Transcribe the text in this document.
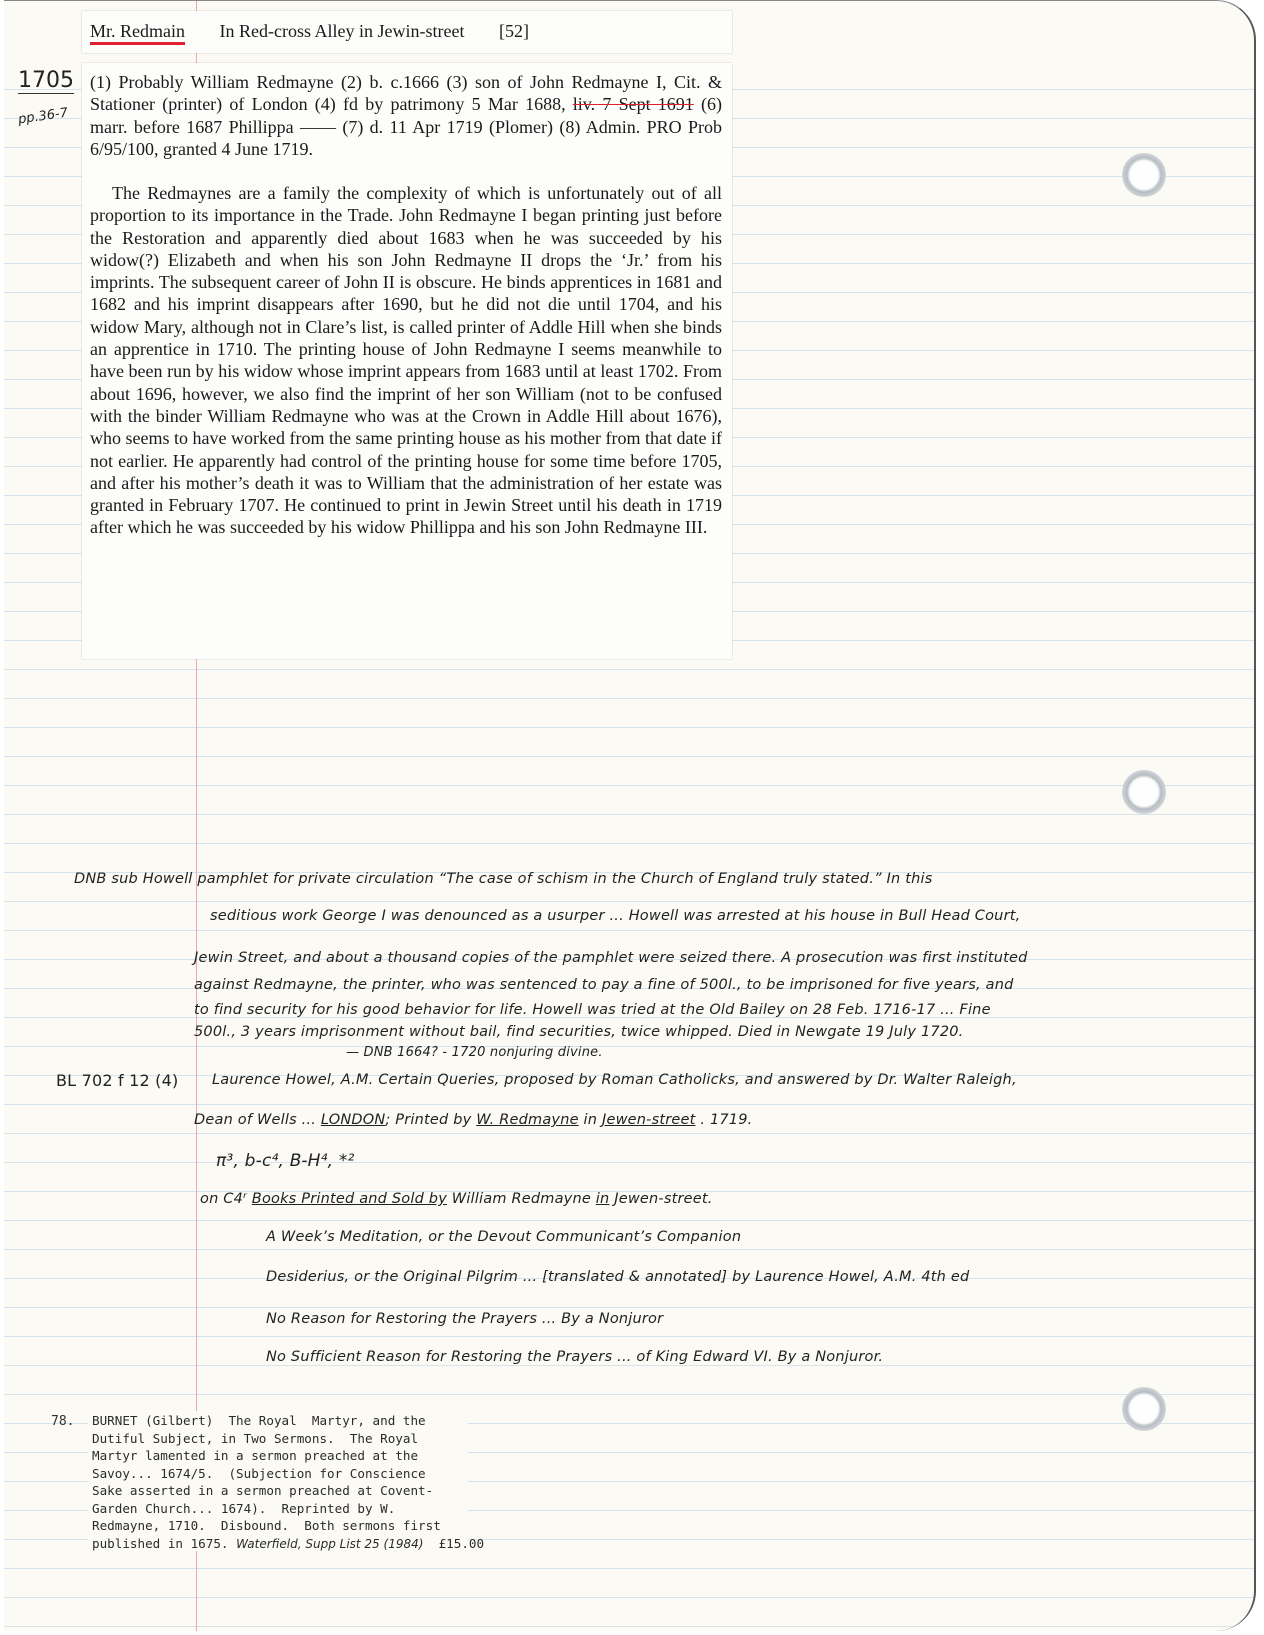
Mr. Redmain In Red-cross Alley in Jewin-street [52]
1705
pp.36-7
(1) Probably William Redmayne (2) b. c.1666 (3) son of John Redmayne I, Cit. & Stationer (printer) of London (4) fd by patrimony 5 Mar 1688, liv. 7 Sept 1691 (6) marr. before 1687 Phillippa —— (7) d. 11 Apr 1719 (Plomer) (8) Admin. PRO Prob 6/95/100, granted 4 June 1719.
The Redmaynes are a family the complexity of which is unfortunately out of all proportion to its importance in the Trade. John Redmayne I began printing just before the Restoration and apparently died about 1683 when he was succeeded by his widow(?) Elizabeth and when his son John Redmayne II drops the ‘Jr.’ from his imprints. The subsequent career of John II is obscure. He binds apprentices in 1681 and 1682 and his imprint disappears after 1690, but he did not die until 1704, and his widow Mary, although not in Clare’s list, is called printer of Addle Hill when she binds an apprentice in 1710. The printing house of John Redmayne I seems meanwhile to have been run by his widow whose imprint appears from 1683 until at least 1702. From about 1696, however, we also find the imprint of her son William (not to be confused with the binder William Redmayne who was at the Crown in Addle Hill about 1676), who seems to have worked from the same printing house as his mother from that date if not earlier. He apparently had control of the printing house for some time before 1705, and after his mother’s death it was to William that the administration of her estate was granted in February 1707. He continued to print in Jewin Street until his death in 1719 after which he was succeeded by his widow Phillippa and his son John Redmayne III.
DNB sub Howell pamphlet for private circulation “The case of schism in the Church of England truly stated.” In this
seditious work George I was denounced as a usurper ... Howell was arrested at his house in Bull Head Court,
Jewin Street, and about a thousand copies of the pamphlet were seized there. A prosecution was first instituted
against Redmayne, the printer, who was sentenced to pay a fine of 500l., to be imprisoned for five years, and
to find security for his good behavior for life. Howell was tried at the Old Bailey on 28 Feb. 1716-17 ... Fine
500l., 3 years imprisonment without bail, find securities, twice whipped. Died in Newgate 19 July 1720.
— DNB 1664? - 1720 nonjuring divine.
BL 702 f 12 (4) Laurence Howel, A.M. Certain Queries, proposed by Roman Catholicks, and answered by Dr. Walter Raleigh,
Dean of Wells ... LONDON; Printed by W. Redmayne in Jewen-street . 1719.
π³, b-c⁴, B-H⁴, *²
on C4ʳ Books Printed and Sold by William Redmayne in Jewen-street.
A Week’s Meditation, or the Devout Communicant’s Companion
Desiderius, or the Original Pilgrim ... [translated & annotated] by Laurence Howel, A.M. 4th ed
No Reason for Restoring the Prayers ... By a Nonjuror
No Sufficient Reason for Restoring the Prayers ... of King Edward VI. By a Nonjuror.
78. BURNET (Gilbert)  The Royal  Martyr, and the
Dutiful Subject, in Two Sermons.  The Royal
Martyr lamented in a sermon preached at the
Savoy... 1674/5.  (Subjection for Conscience
Sake asserted in a sermon preached at Covent-
Garden Church... 1674).  Reprinted by W.
Redmayne, 1710.  Disbound.  Both sermons first
published in 1675. Waterfield, Supp List 25 (1984)  £15.00
